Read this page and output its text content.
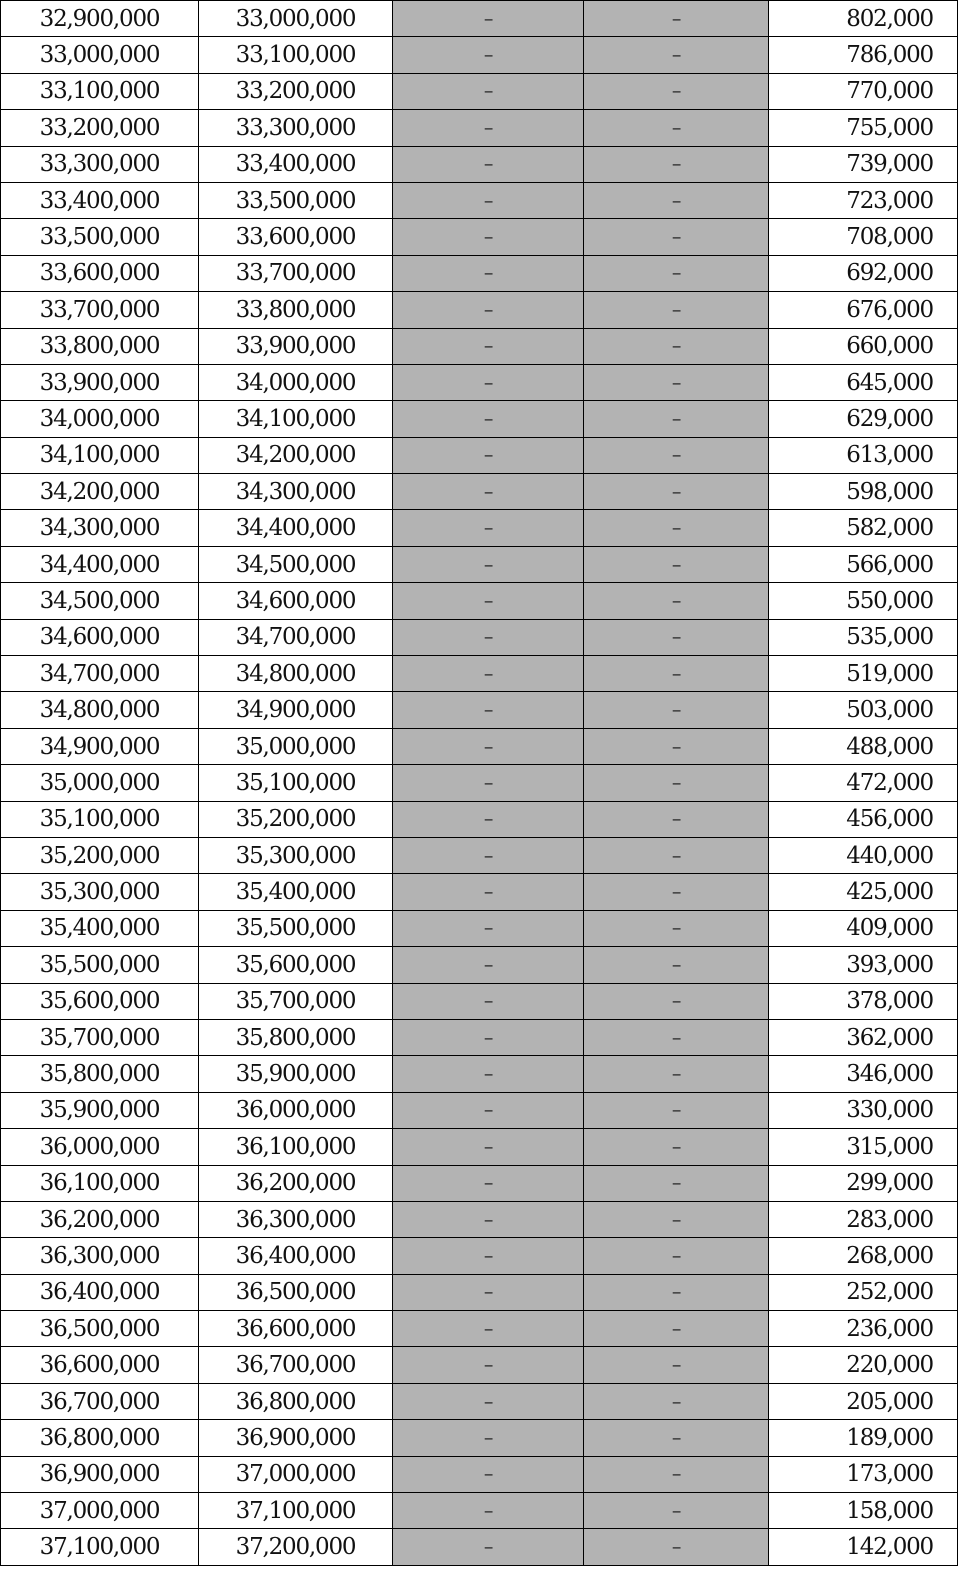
32,900,000	33,000,000	–	–	802,000
33,000,000	33,100,000	–	–	786,000
33,100,000	33,200,000	–	–	770,000
33,200,000	33,300,000	–	–	755,000
33,300,000	33,400,000	–	–	739,000
33,400,000	33,500,000	–	–	723,000
33,500,000	33,600,000	–	–	708,000
33,600,000	33,700,000	–	–	692,000
33,700,000	33,800,000	–	–	676,000
33,800,000	33,900,000	–	–	660,000
33,900,000	34,000,000	–	–	645,000
34,000,000	34,100,000	–	–	629,000
34,100,000	34,200,000	–	–	613,000
34,200,000	34,300,000	–	–	598,000
34,300,000	34,400,000	–	–	582,000
34,400,000	34,500,000	–	–	566,000
34,500,000	34,600,000	–	–	550,000
34,600,000	34,700,000	–	–	535,000
34,700,000	34,800,000	–	–	519,000
34,800,000	34,900,000	–	–	503,000
34,900,000	35,000,000	–	–	488,000
35,000,000	35,100,000	–	–	472,000
35,100,000	35,200,000	–	–	456,000
35,200,000	35,300,000	–	–	440,000
35,300,000	35,400,000	–	–	425,000
35,400,000	35,500,000	–	–	409,000
35,500,000	35,600,000	–	–	393,000
35,600,000	35,700,000	–	–	378,000
35,700,000	35,800,000	–	–	362,000
35,800,000	35,900,000	–	–	346,000
35,900,000	36,000,000	–	–	330,000
36,000,000	36,100,000	–	–	315,000
36,100,000	36,200,000	–	–	299,000
36,200,000	36,300,000	–	–	283,000
36,300,000	36,400,000	–	–	268,000
36,400,000	36,500,000	–	–	252,000
36,500,000	36,600,000	–	–	236,000
36,600,000	36,700,000	–	–	220,000
36,700,000	36,800,000	–	–	205,000
36,800,000	36,900,000	–	–	189,000
36,900,000	37,000,000	–	–	173,000
37,000,000	37,100,000	–	–	158,000
37,100,000	37,200,000	–	–	142,000
